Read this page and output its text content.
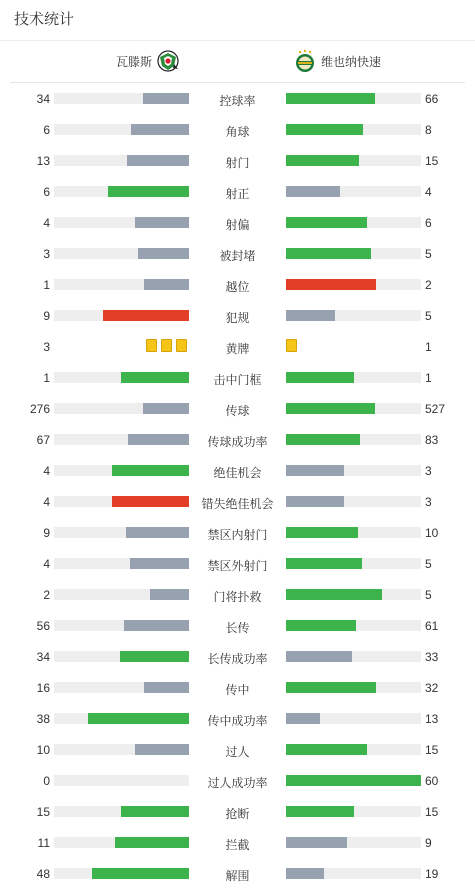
技术统计
瓦滕斯	维也纳快速
34	控球率	66
6	角球	8
13	射门	15
6	射正	4
4	射偏	6
3	被封堵	5
1	越位	2
9	犯规	5
3	黄牌	1
1	击中门框	1
276	传球	527
67	传球成功率	83
4	绝佳机会	3
4	错失绝佳机会	3
9	禁区内射门	10
4	禁区外射门	5
2	门将扑救	5
56	长传	61
34	长传成功率	33
16	传中	32
38	传中成功率	13
10	过人	15
0	过人成功率	60
15	抢断	15
11	拦截	9
48	解围	19
